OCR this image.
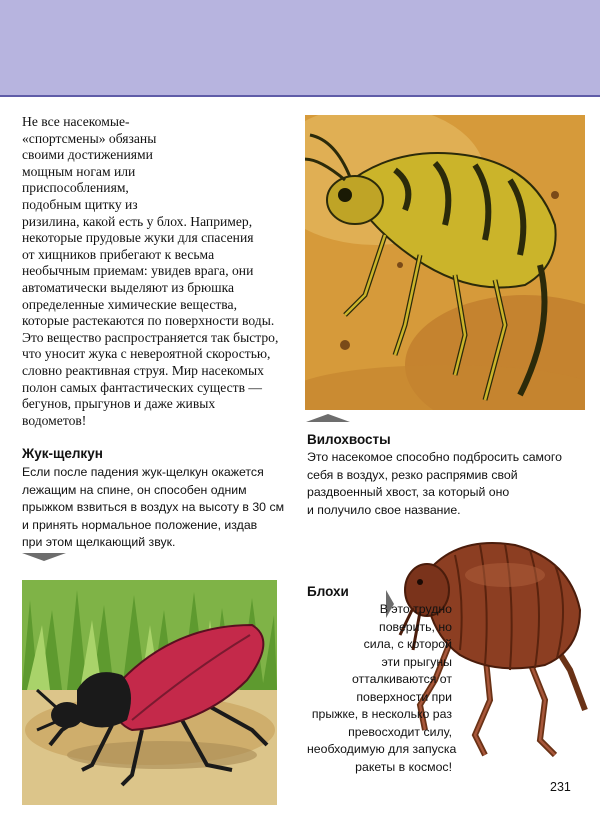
Не все насекомые-
«спортсмены» обязаны
своими достижениями
мощным ногам или
приспособлениям,
подобным щитку из
ризилина, какой есть у блох. Например,
некоторые прудовые жуки для спасения
от хищников прибегают к весьма
необычным приемам: увидев врага, они
автоматически выделяют из брюшка
определенные химические вещества,
которые растекаются по поверхности воды.
Это вещество распространяется так быстро,
что уносит жука с невероятной скоростью,
словно реактивная струя. Мир насекомых
полон самых фантастических существ —
бегунов, прыгунов и даже живых
водометов!

Вилохвосты

Это насекомое способно подбросить самого
себя в воздух, резко распрямив свой
раздвоенный хвост, за который оно
и получило свое название.

Жук-щелкун

Если после падения жук-щелкун окажется
лежащим на спине, он способен одним
прыжком взвиться в воздух на высоту в 30 см
и принять нормальное положение, издав
при этом щелкающий звук.

Блохи

В это трудно
поверить, но
сила, с которой
эти прыгуны
отталкиваются от
поверхности при
прыжке, в несколько раз
превосходит силу,
необходимую для запуска
ракеты в космос!

231
